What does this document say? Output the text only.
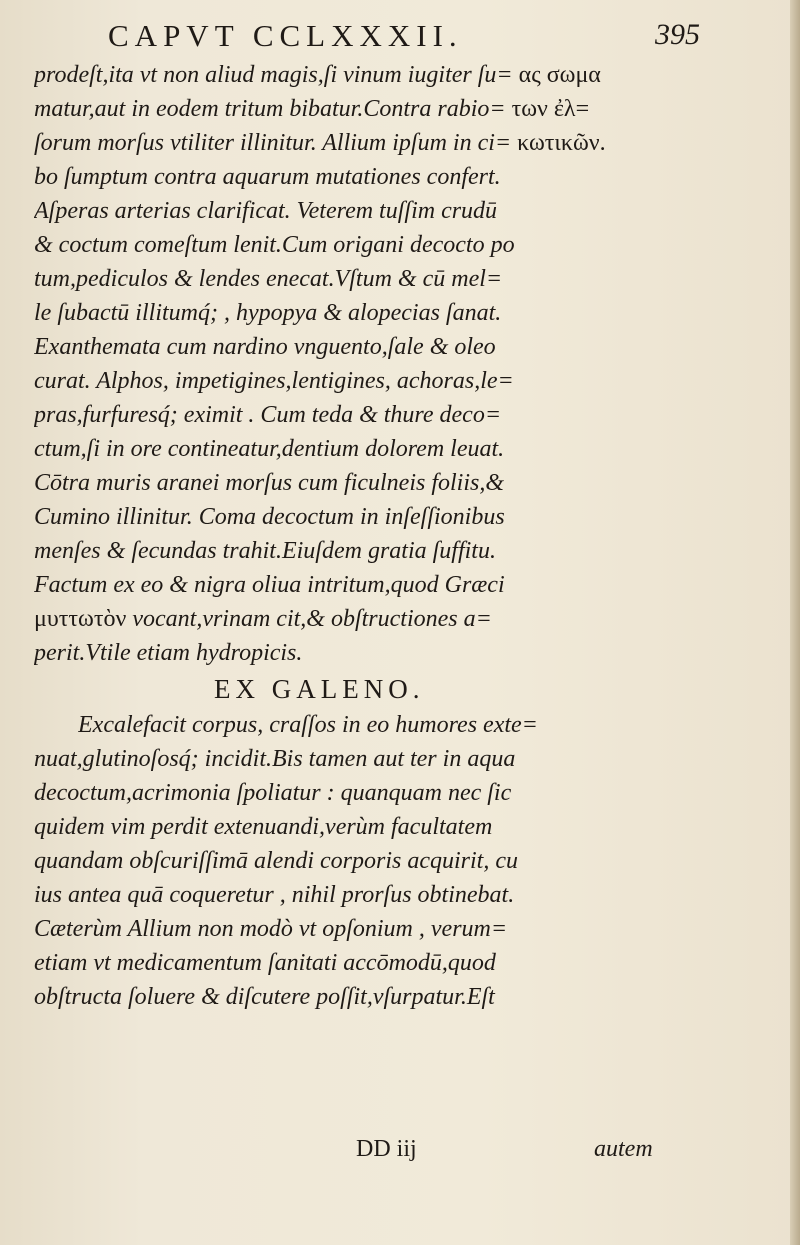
CAPVT CCLXXXII.	395
prodeſt,ita vt non aliud magis,ſi vinum iugiter ſu= ας σωμα
matur,aut in eodem tritum bibatur.Contra rabio= των ἐλ=
ſorum morſus vtiliter illinitur. Allium ipſum in ci= κωτικῶν.
bo ſumptum contra aquarum mutationes confert.
Aſperas arterias clarificat. Veterem tuſſim crudū
& coctum comeſtum lenit.Cum origani decocto po
tum,pediculos & lendes enecat.Vſtum & cū mel=
le ſubactū illitumq́; , hypopya & alopecias ſanat.
Exanthemata cum nardino vnguento,ſale & oleo
curat. Alphos, impetigines,lentigines, achoras,le=
pras,furfuresq́; eximit . Cum teda & thure deco=
ctum,ſi in ore contineatur,dentium dolorem leuat.
Cōtra muris aranei morſus cum ficulneis foliis,&
Cumino illinitur. Coma decoctum in inſeſſionibus
menſes & ſecundas trahit.Eiuſdem gratia ſuffitu.
Factum ex eo & nigra oliua intritum,quod Græci
μυττωτὸν vocant,vrinam cit,& obſtructiones a=
perit.Vtile etiam hydropicis.
EX GALENO.
Excalefacit corpus, craſſos in eo humores exte=
nuat,glutinoſosq́; incidit.Bis tamen aut ter in aqua
decoctum,acrimonia ſpoliatur : quanquam nec ſic
quidem vim perdit extenuandi,verùm facultatem
quandam obſcuriſſimā alendi corporis acquirit, cu
ius antea quā coqueretur , nihil prorſus obtinebat.
Cæterùm Allium non modò vt opſonium , verum=
etiam vt medicamentum ſanitati accōmodū,quod
obſtructa ſoluere & diſcutere poſſit,vſurpatur.Eſt
DD iij	autem
